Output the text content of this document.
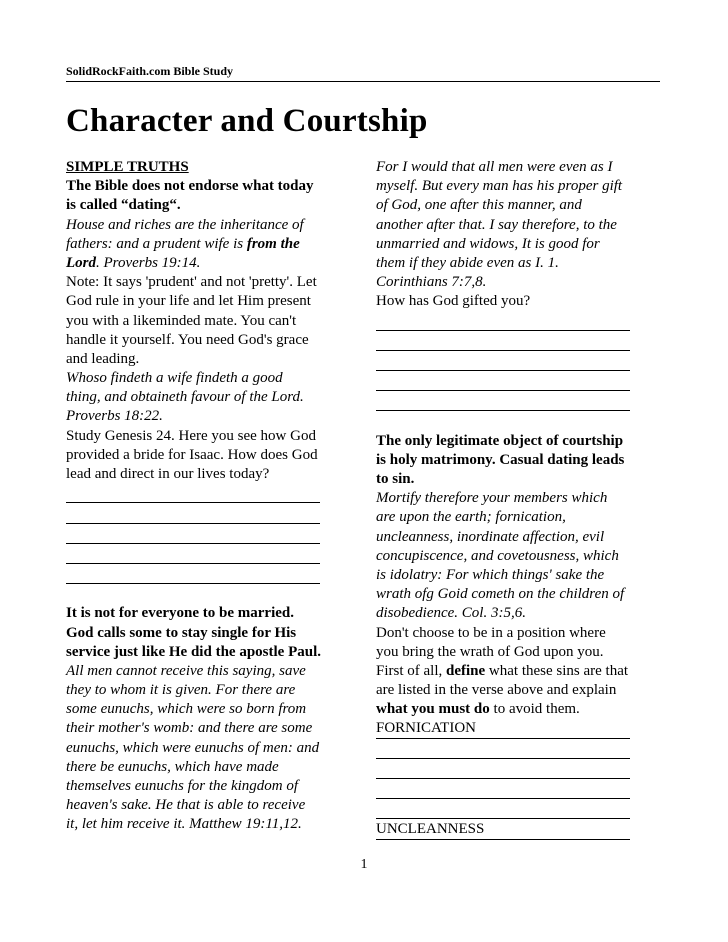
SolidRockFaith.com Bible Study
Character and Courtship
SIMPLE TRUTHS
The Bible does not endorse what today
is called “dating“.
House and riches are the inheritance of
fathers: and a prudent wife is from the
Lord. Proverbs 19:14.
Note: It says 'prudent' and not 'pretty'. Let
God rule in your life and let Him present
you with a likeminded mate. You can't
handle it yourself. You need God's grace
and leading.
Whoso findeth a wife findeth a good
thing, and obtaineth favour of the Lord.
Proverbs 18:22.
Study Genesis 24. Here you see how God
provided a bride for Isaac. How does God
lead and direct in our lives today?
It is not for everyone to be married.
God calls some to stay single for His
service just like He did the apostle Paul.
All men cannot receive this saying, save
they to whom it is given. For there are
some eunuchs, which were so born from
their mother's womb: and there are some
eunuchs, which were eunuchs of men: and
there be eunuchs, which have made
themselves eunuchs for the kingdom of
heaven's sake. He that is able to receive
it, let him receive it. Matthew 19:11,12.
For I would that all men were even as I
myself. But every man has his proper gift
of God, one after this manner, and
another after that. I say therefore, to the
unmarried and widows, It is good for
them if they abide even as I. 1.
Corinthians 7:7,8.
How has God gifted you?
The only legitimate object of courtship
is holy matrimony. Casual dating leads
to sin.
Mortify therefore your members which
are upon the earth; fornication,
uncleanness, inordinate affection, evil
concupiscence, and covetousness, which
is idolatry: For which things' sake the
wrath ofg Goid cometh on the children of
disobedience. Col. 3:5,6.
Don't choose to be in a position where
you bring the wrath of God upon you.
First of all, define what these sins are that
are listed in the verse above and explain
what you must do to avoid them.
FORNICATION
UNCLEANNESS
1
